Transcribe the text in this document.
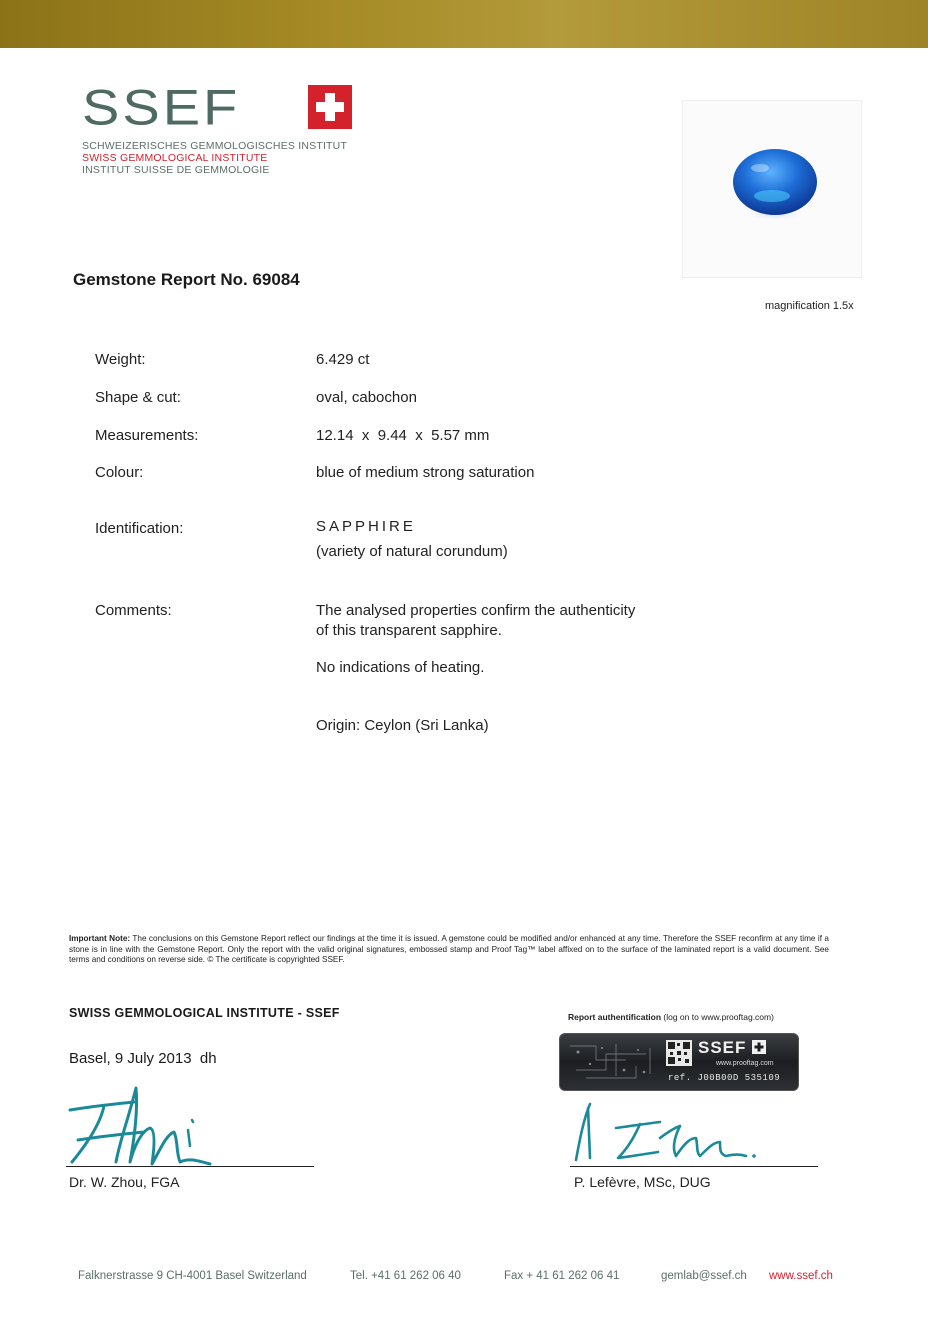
SSEF
SCHWEIZERISCHES GEMMOLOGISCHES INSTITUT
SWISS GEMMOLOGICAL INSTITUTE
INSTITUT SUISSE DE GEMMOLOGIE
magnification 1.5x
Gemstone Report No. 69084
Weight:	6.429 ct
Shape & cut:	oval, cabochon
Measurements:	12.14  x  9.44  x  5.57 mm
Colour:	blue of medium strong saturation
Identification:	SAPPHIRE
(variety of natural corundum)
Comments:	The analysed properties confirm the authenticity
of this transparent sapphire.
No indications of heating.
Origin: Ceylon (Sri Lanka)
Important Note: The conclusions on this Gemstone Report reflect our findings at the time it is issued. A gemstone could be modified and/or enhanced at any time. Therefore the SSEF reconfirm at any time if a stone is in line with the Gemstone Report. Only the report with the valid original signatures, embossed stamp and Proof Tag™ label affixed on to the surface of the laminated report is a valid document. See terms and conditions on reverse side. © The certificate is copyrighted SSEF.
SWISS GEMMOLOGICAL INSTITUTE - SSEF
Basel, 9 July 2013  dh
Dr. W. Zhou, FGA
Report authentification (log on to www.prooftag.com)
SSEF
www.prooftag.com
ref. J00B00D 535109
P. Lefèvre, MSc, DUG
Falknerstrasse 9 CH-4001 Basel Switzerland	Tel. +41 61 262 06 40	Fax + 41 61 262 06 41	gemlab@ssef.ch www.ssef.ch
